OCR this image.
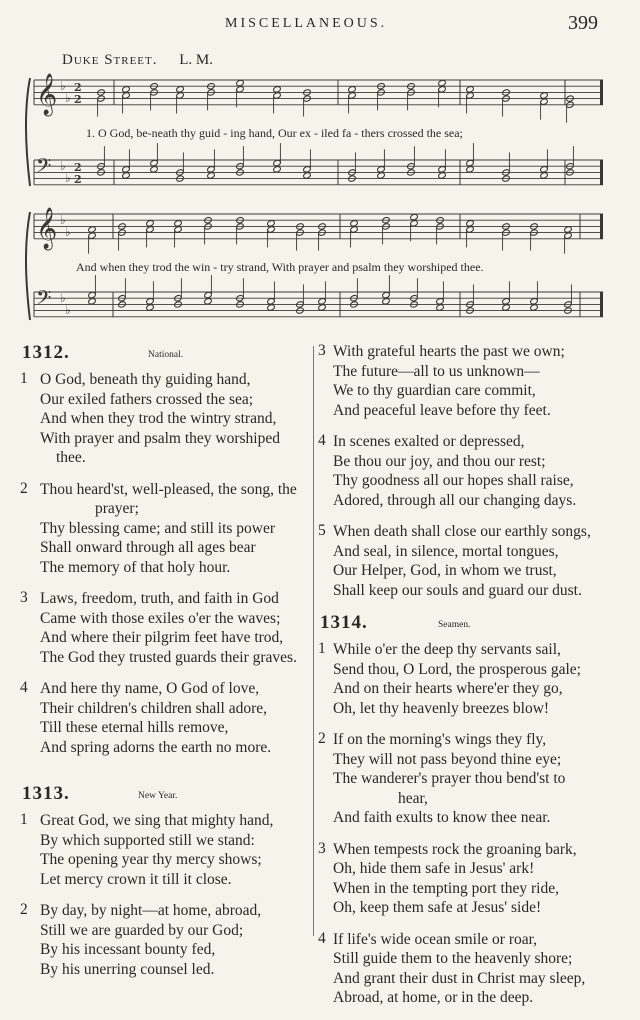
MISCELLANEOUS.	399
Duke Street. L. M.
𝄞 ♭
♭
2
2
𝄢 ♭
♭
2
2
𝄞 ♭
♭
𝄢 ♭
♭
1. O God, be-neath thy guid - ing hand, Our ex - iled fa - thers crossed the sea;
And when they trod the win - try strand, With prayer and psalm they worshiped thee.
1312.	National.
1 O God, beneath thy guiding hand,
Our exiled fathers crossed the sea;
And when they trod the wintry strand,
With prayer and psalm they worshiped
thee.
2 Thou heard'st, well-pleased, the song, the
prayer;
Thy blessing came; and still its power
Shall onward through all ages bear
The memory of that holy hour.
3 Laws, freedom, truth, and faith in God
Came with those exiles o'er the waves;
And where their pilgrim feet have trod,
The God they trusted guards their graves.
4 And here thy name, O God of love,
Their children's children shall adore,
Till these eternal hills remove,
And spring adorns the earth no more.
1313.	New Year.
1 Great God, we sing that mighty hand,
By which supported still we stand:
The opening year thy mercy shows;
Let mercy crown it till it close.
2 By day, by night—at home, abroad,
Still we are guarded by our God;
By his incessant bounty fed,
By his unerring counsel led.
3 With grateful hearts the past we own;
The future—all to us unknown—
We to thy guardian care commit,
And peaceful leave before thy feet.
4 In scenes exalted or depressed,
Be thou our joy, and thou our rest;
Thy goodness all our hopes shall raise,
Adored, through all our changing days.
5 When death shall close our earthly songs,
And seal, in silence, mortal tongues,
Our Helper, God, in whom we trust,
Shall keep our souls and guard our dust.
1314.	Seamen.
1 While o'er the deep thy servants sail,
Send thou, O Lord, the prosperous gale;
And on their hearts where'er they go,
Oh, let thy heavenly breezes blow!
2 If on the morning's wings they fly,
They will not pass beyond thine eye;
The wanderer's prayer thou bend'st to
hear,
And faith exults to know thee near.
3 When tempests rock the groaning bark,
Oh, hide them safe in Jesus' ark!
When in the tempting port they ride,
Oh, keep them safe at Jesus' side!
4 If life's wide ocean smile or roar,
Still guide them to the heavenly shore;
And grant their dust in Christ may sleep,
Abroad, at home, or in the deep.
